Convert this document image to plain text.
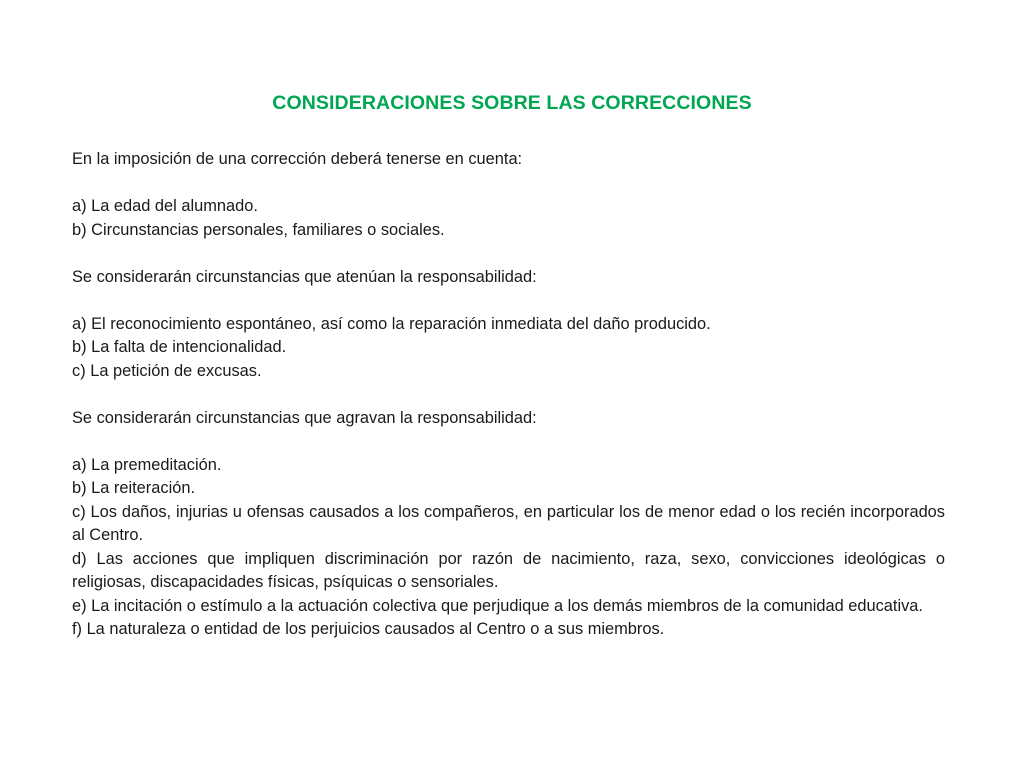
CONSIDERACIONES SOBRE LAS CORRECCIONES

En la imposición de una corrección deberá tenerse en cuenta:

a) La edad del alumnado.

b) Circunstancias personales, familiares o sociales.

Se considerarán circunstancias que atenúan la responsabilidad:

a) El reconocimiento espontáneo, así como la reparación inmediata del daño producido.

b) La falta de intencionalidad.

c) La petición de excusas.

Se considerarán circunstancias que agravan la responsabilidad:

a) La premeditación.

b) La reiteración.

c) Los daños, injurias u ofensas causados a los compañeros, en particular los de menor edad o los recién incorporados al Centro.

d) Las acciones que impliquen discriminación por razón de nacimiento, raza, sexo, convicciones ideológicas o religiosas, discapacidades físicas, psíquicas o sensoriales.

e) La incitación o estímulo a la actuación colectiva que perjudique a los demás miembros de la comunidad educativa.

f) La naturaleza o entidad de los perjuicios causados al Centro o a sus miembros.
